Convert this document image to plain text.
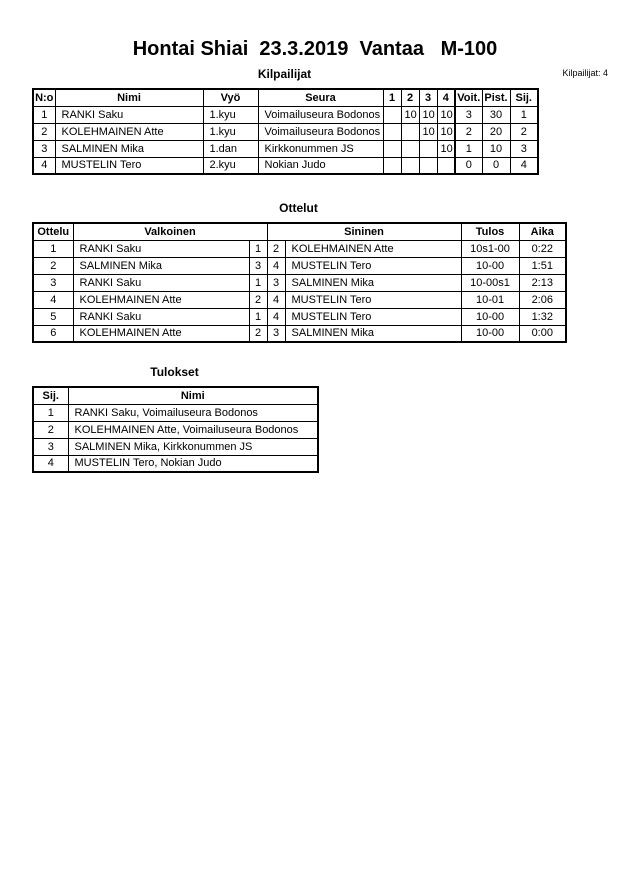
Hontai Shiai  23.3.2019  Vantaa   M-100
Kilpailijat: 4
Kilpailijat
N:o	Nimi	Vyö	Seura	1	2	3	4	Voit.	Pist.	Sij.
1	RANKI Saku	1.kyu	Voimailuseura Bodonos		10	10	10	3	30	1
2	KOLEHMAINEN Atte	1.kyu	Voimailuseura Bodonos			10	10	2	20	2
3	SALMINEN Mika	1.dan	Kirkkonummen JS				10	1	10	3
4	MUSTELIN Tero	2.kyu	Nokian Judo					0	0	4
Ottelut
Ottelu	Valkoinen		Sininen		Tulos	Aika
1	RANKI Saku	1	2	KOLEHMAINEN Atte	10s1-00	0:22
2	SALMINEN Mika	3	4	MUSTELIN Tero	10-00	1:51
3	RANKI Saku	1	3	SALMINEN Mika	10-00s1	2:13
4	KOLEHMAINEN Atte	2	4	MUSTELIN Tero	10-01	2:06
5	RANKI Saku	1	4	MUSTELIN Tero	10-00	1:32
6	KOLEHMAINEN Atte	2	3	SALMINEN Mika	10-00	0:00
Tulokset
Sij.	Nimi
1	RANKI Saku, Voimailuseura Bodonos
2	KOLEHMAINEN Atte, Voimailuseura Bodonos
3	SALMINEN Mika, Kirkkonummen JS
4	MUSTELIN Tero, Nokian Judo
